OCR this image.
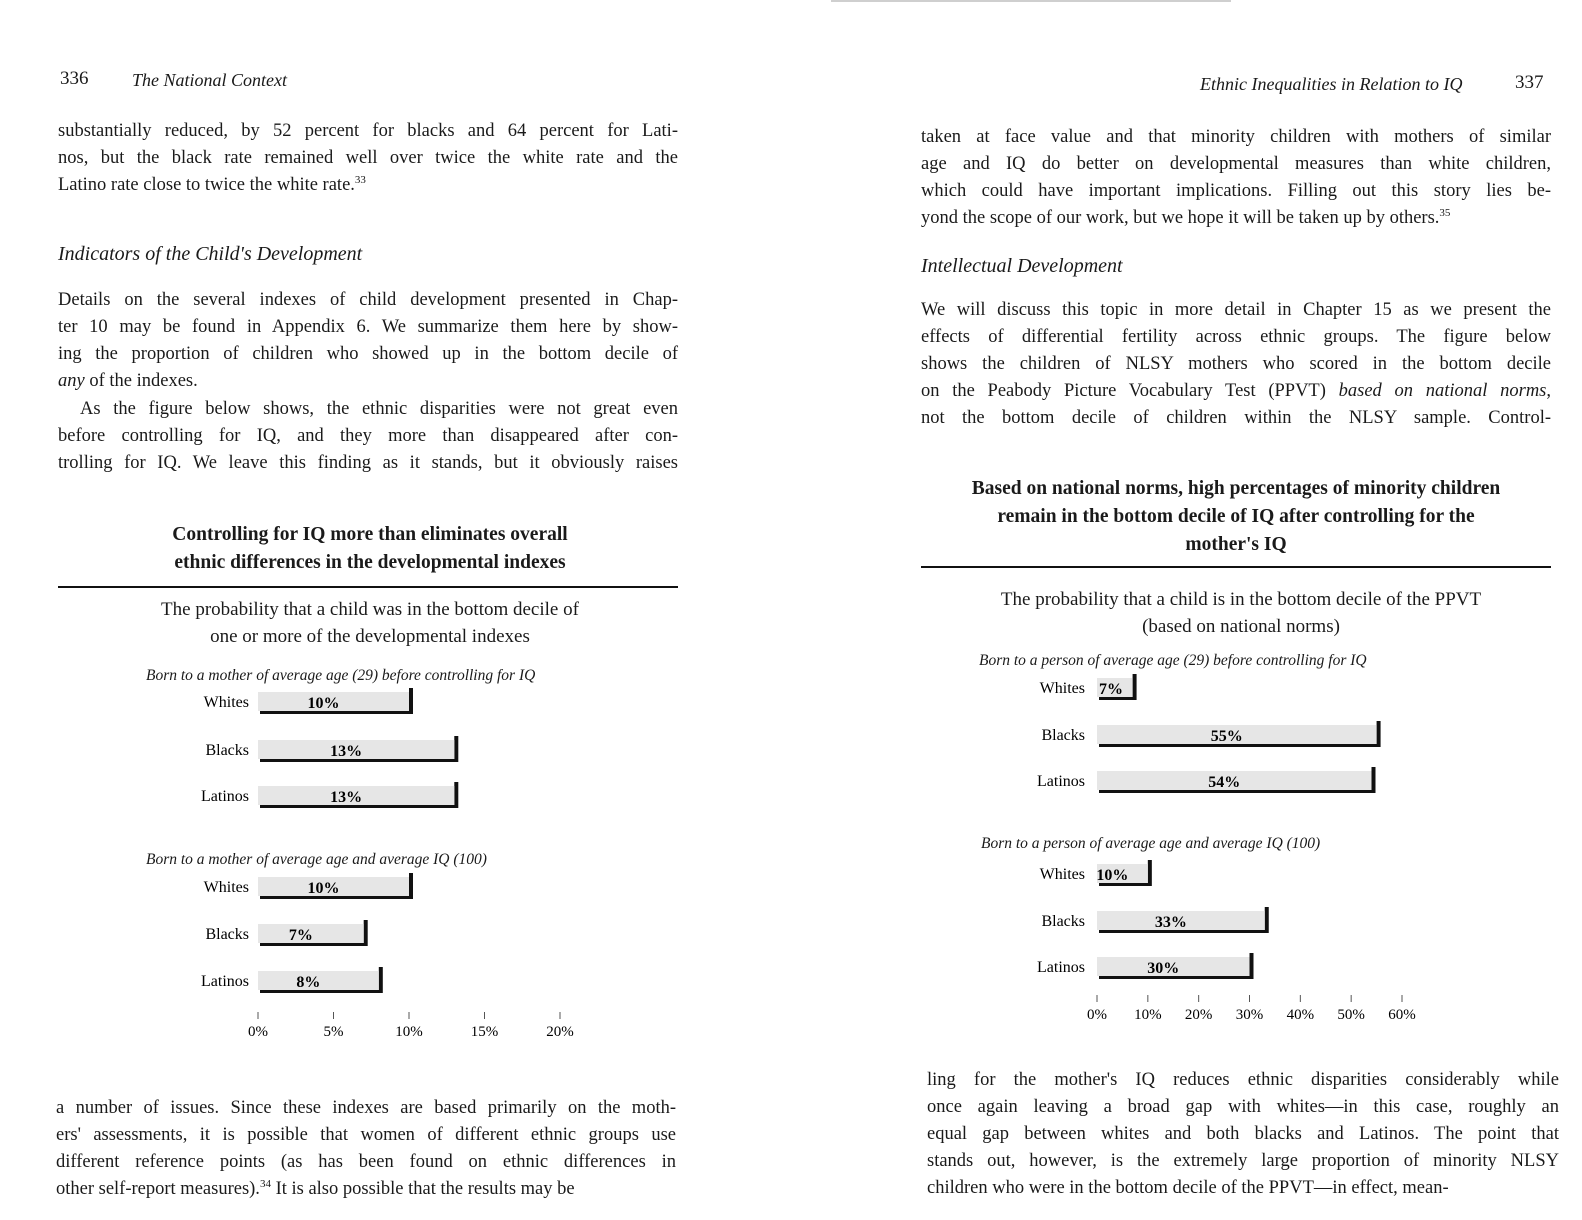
336 The National Context
substantially reduced, by 52 percent for blacks and 64 percent for Lati-
nos, but the black rate remained well over twice the white rate and the
Latino rate close to twice the white rate.$^{33}$
Indicators of the Child's Development
Details on the several indexes of child development presented in Chap-
ter 10 may be found in Appendix 6. We summarize them here by show-
ing the proportion of children who showed up in the bottom decile of
any of the indexes.
As the figure below shows, the ethnic disparities were not great even
before controlling for IQ, and they more than disappeared after con-
trolling for IQ. We leave this finding as it stands, but it obviously raises
Controlling for IQ more than eliminates overall
ethnic differences in the developmental indexes
The probability that a child was in the bottom decile of
one or more of the developmental indexes
Born to a mother of average age (29) before controlling for IQ
Born to a mother of average age and average IQ (100)
Whites	10%
Blacks	13%
Latinos	13%
Whites	10%
Blacks 7%
Latinos	8%
0%	5%	10%	15%	20%
a number of issues. Since these indexes are based primarily on the moth-
ers' assessments, it is possible that women of different ethnic groups use
different reference points (as has been found on ethnic differences in
other self-report measures).$^{34}$ It is also possible that the results may be
Ethnic Inequalities in Relation to IQ	337
taken at face value and that minority children with mothers of similar
age and IQ do better on developmental measures than white children,
which could have important implications. Filling out this story lies be-
yond the scope of our work, but we hope it will be taken up by others.$^{35}$
Intellectual Development
We will discuss this topic in more detail in Chapter 15 as we present the
effects of differential fertility across ethnic groups. The figure below
shows the children of NLSY mothers who scored in the bottom decile
on the Peabody Picture Vocabulary Test (PPVT) based on national norms,
not the bottom decile of children within the NLSY sample. Control-
Based on national norms, high percentages of minority children
remain in the bottom decile of IQ after controlling for the
mother's IQ
The probability that a child is in the bottom decile of the PPVT
(based on national norms)
Born to a person of average age (29) before controlling for IQ
Born to a person of average age and average IQ (100)
Whites 7%
Blacks	55%
Latinos	54%
Whites 10%
Blacks	33%
Latinos	30%
0% 10% 20% 30% 40% 50% 60%
ling for the mother's IQ reduces ethnic disparities considerably while
once again leaving a broad gap with whites—in this case, roughly an
equal gap between whites and both blacks and Latinos. The point that
stands out, however, is the extremely large proportion of minority NLSY
children who were in the bottom decile of the PPVT—in effect, mean-
